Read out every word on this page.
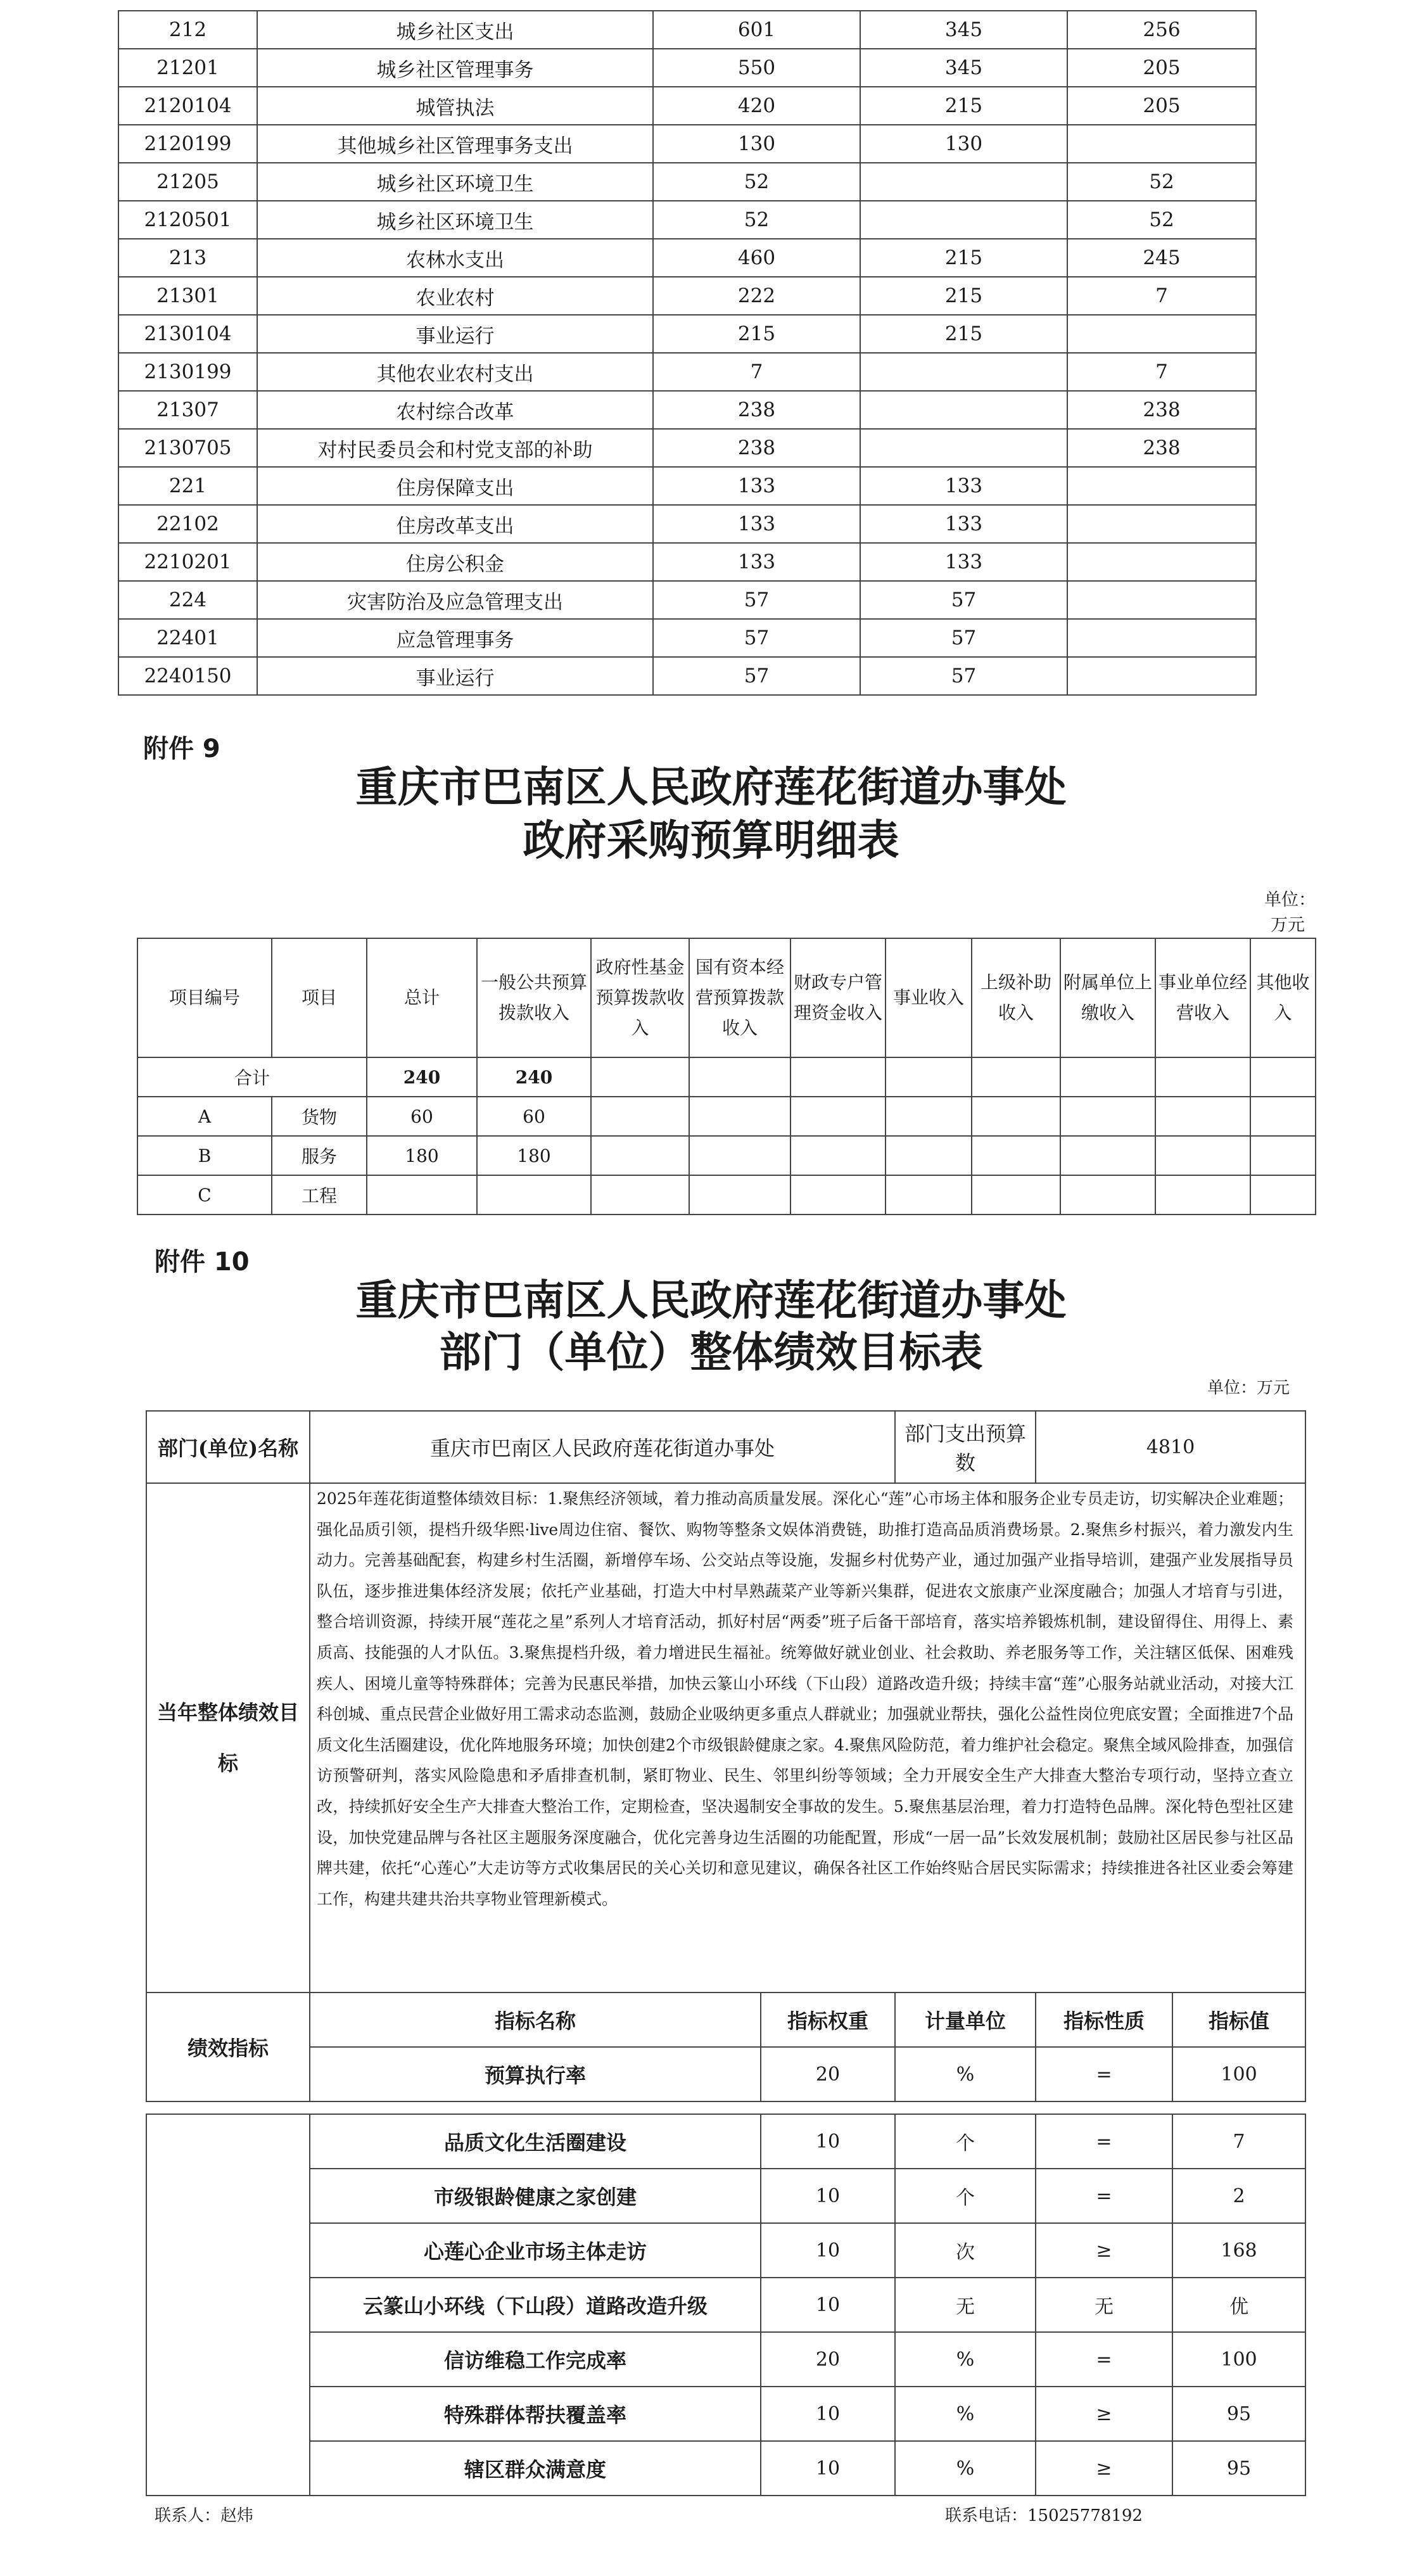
212	城乡社区支出	601	345	256
21201	城乡社区管理事务	550	345	205
2120104	城管执法	420	215	205
2120199	其他城乡社区管理事务支出	130	130	
21205	城乡社区环境卫生	52		52
2120501	城乡社区环境卫生	52		52
213	农林水支出	460	215	245
21301	农业农村	222	215	7
2130104	事业运行	215	215	
2130199	其他农业农村支出	7		7
21307	农村综合改革	238		238
2130705	对村民委员会和村党支部的补助	238		238
221	住房保障支出	133	133	
22102	住房改革支出	133	133	
2210201	住房公积金	133	133	
224	灾害防治及应急管理支出	57	57	
22401	应急管理事务	57	57	
2240150	事业运行	57	57	
附件 9
重庆市巴南区人民政府莲花街道办事处
政府采购预算明细表
单位：
万元
项目编号	项目	总计	一般公共预算拨款收入	政府性基金预算拨款收入	国有资本经营预算拨款收入	财政专户管理资金收入	事业收入	上级补助收入	附属单位上缴收入	事业单位经营收入	其他收入
合计		240	240								
A	货物	60	60								
B	服务	180	180								
C	工程										
附件 10
重庆市巴南区人民政府莲花街道办事处
部门（单位）整体绩效目标表
单位：万元
部门(单位)名称	重庆市巴南区人民政府莲花街道办事处		部门支出预算数	4810	
当年整体绩效目标	2025年莲花街道整体绩效目标：1.聚焦经济领域，着力推动高质量发展。深化心“莲”心市场主体和服务企业专员走访，切实解决企业难题；强化品质引领，提档升级华熙·live周边住宿、餐饮、购物等整条文娱体消费链，助推打造高品质消费场景。2.聚焦乡村振兴，着力激发内生动力。完善基础配套，构建乡村生活圈，新增停车场、公交站点等设施，发掘乡村优势产业，通过加强产业指导培训，建强产业发展指导员队伍，逐步推进集体经济发展；依托产业基础，打造大中村旱熟蔬菜产业等新兴集群，促进农文旅康产业深度融合；加强人才培育与引进，整合培训资源，持续开展“莲花之星”系列人才培育活动，抓好村居“两委”班子后备干部培育，落实培养锻炼机制，建设留得住、用得上、素质高、技能强的人才队伍。3.聚焦提档升级，着力增进民生福祉。统筹做好就业创业、社会救助、养老服务等工作，关注辖区低保、困难残疾人、困境儿童等特殊群体；完善为民惠民举措，加快云篆山小环线（下山段）道路改造升级；持续丰富“莲”心服务站就业活动，对接大江科创城、重点民营企业做好用工需求动态监测，鼓励企业吸纳更多重点人群就业；加强就业帮扶，强化公益性岗位兜底安置；全面推进7个品质文化生活圈建设，优化阵地服务环境；加快创建2个市级银龄健康之家。4.聚焦风险防范，着力维护社会稳定。聚焦全域风险排查，加强信访预警研判，落实风险隐患和矛盾排查机制，紧盯物业、民生、邻里纠纷等领域；全力开展安全生产大排查大整治专项行动，坚持立查立改，持续抓好安全生产大排查大整治工作，定期检查，坚决遏制安全事故的发生。5.聚焦基层治理，着力打造特色品牌。深化特色型社区建设，加快党建品牌与各社区主题服务深度融合，优化完善身边生活圈的功能配置，形成“一居一品”长效发展机制；鼓励社区居民参与社区品牌共建，依托“心莲心”大走访等方式收集居民的关心关切和意见建议，确保各社区工作始终贴合居民实际需求；持续推进各社区业委会筹建工作，构建共建共治共享物业管理新模式。				
绩效指标	指标名称	指标权重	计量单位	指标性质	指标值
	预算执行率	20	%	=	100
	品质文化生活圈建设	10	个	=	7
	市级银龄健康之家创建	10	个	=	2
	心莲心企业市场主体走访	10	次	≥	168
	云篆山小环线（下山段）道路改造升级	10	无	无	优
	信访维稳工作完成率	20	%	=	100
	特殊群体帮扶覆盖率	10	%	≥	95
	辖区群众满意度	10	%	≥	95
联系人：赵炜	联系电话：15025778192
